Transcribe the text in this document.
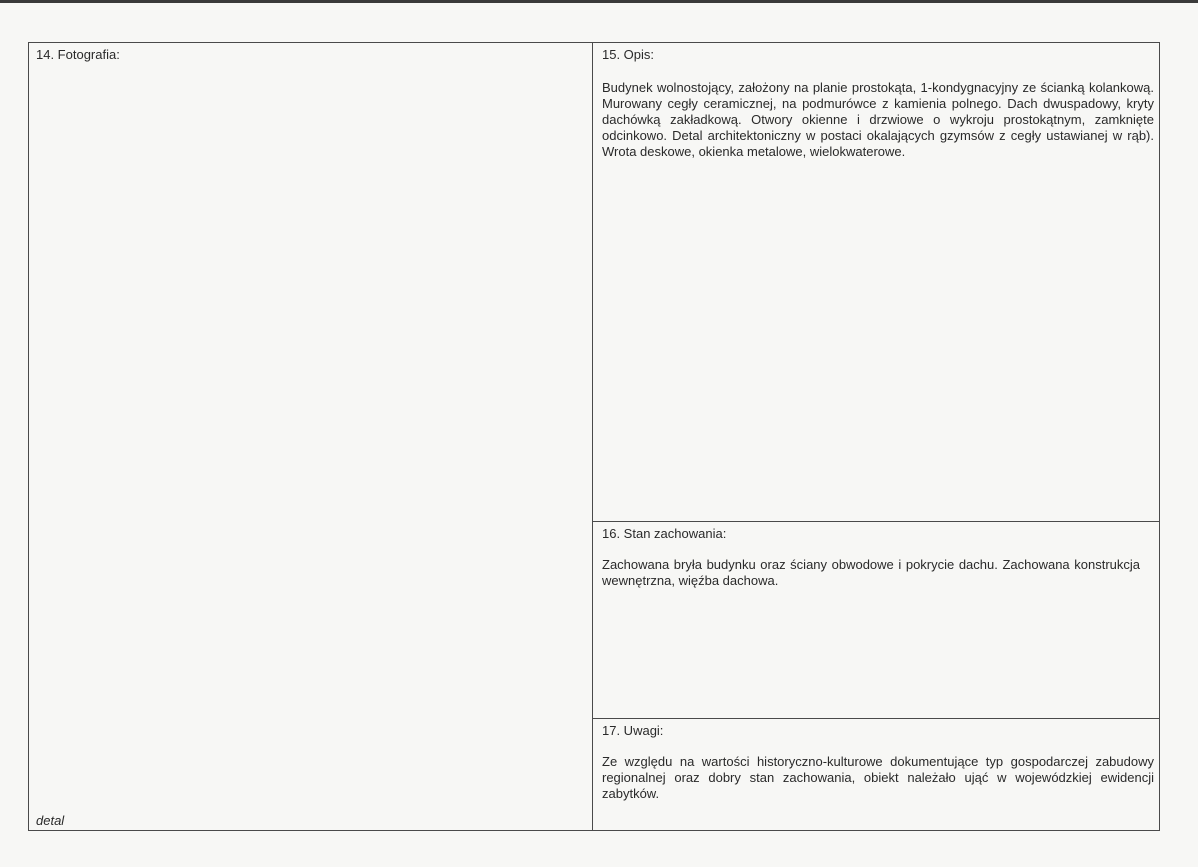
14. Fotografia:
detal
15. Opis:

Budynek wolnostojący, założony na planie prostokąta, 1-kondygnacyjny ze ścianką kolankową. Murowany cegły ceramicznej, na podmurówce z kamienia polnego. Dach dwuspadowy, kryty dachówką zakładkową. Otwory okienne i drzwiowe o wykroju prostokątnym, zamknięte odcinkowo. Detal architektoniczny w postaci okalających gzymsów z cegły ustawianej w rąb). Wrota deskowe, okienka metalowe, wielokwaterowe.

16. Stan zachowania:

Zachowana bryła budynku oraz ściany obwodowe i pokrycie dachu. Zachowana konstrukcja wewnętrzna, więźba dachowa.

17. Uwagi:

Ze względu na wartości historyczno-kulturowe dokumentujące typ gospodarczej zabudowy regionalnej oraz dobry stan zachowania, obiekt należało ująć w wojewódzkiej ewidencji zabytków.
